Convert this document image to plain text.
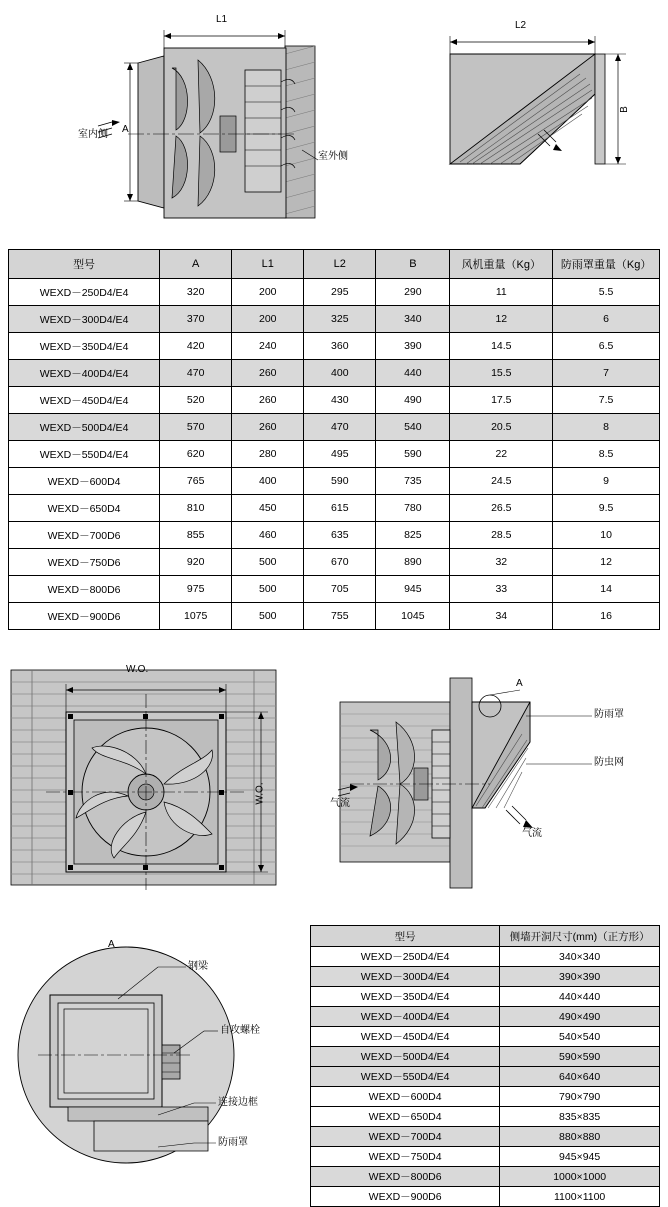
L1
A
室内侧
室外侧
L2
B
型号	A	L1	L2	B	风机重量（Kg）	防雨罩重量（Kg）
WEXD－250D4/E4	320	200	295	290	11	5.5
WEXD－300D4/E4	370	200	325	340	12	6
WEXD－350D4/E4	420	240	360	390	14.5	6.5
WEXD－400D4/E4	470	260	400	440	15.5	7
WEXD－450D4/E4	520	260	430	490	17.5	7.5
WEXD－500D4/E4	570	260	470	540	20.5	8
WEXD－550D4/E4	620	280	495	590	22	8.5
WEXD－600D4	765	400	590	735	24.5	9
WEXD－650D4	810	450	615	780	26.5	9.5
WEXD－700D6	855	460	635	825	28.5	10
WEXD－750D6	920	500	670	890	32	12
WEXD－800D6	975	500	705	945	33	14
WEXD－900D6	1075	500	755	1045	34	16
W.O.
W.O.
A
防雨罩
防虫网
气流
气流
A
钢梁
自攻螺栓
连接边框
防雨罩
型号	侧墙开洞尺寸(mm)（正方形）
WEXD－250D4/E4	340×340
WEXD－300D4/E4	390×390
WEXD－350D4/E4	440×440
WEXD－400D4/E4	490×490
WEXD－450D4/E4	540×540
WEXD－500D4/E4	590×590
WEXD－550D4/E4	640×640
WEXD－600D4	790×790
WEXD－650D4	835×835
WEXD－700D4	880×880
WEXD－750D4	945×945
WEXD－800D6	1000×1000
WEXD－900D6	1100×1100
